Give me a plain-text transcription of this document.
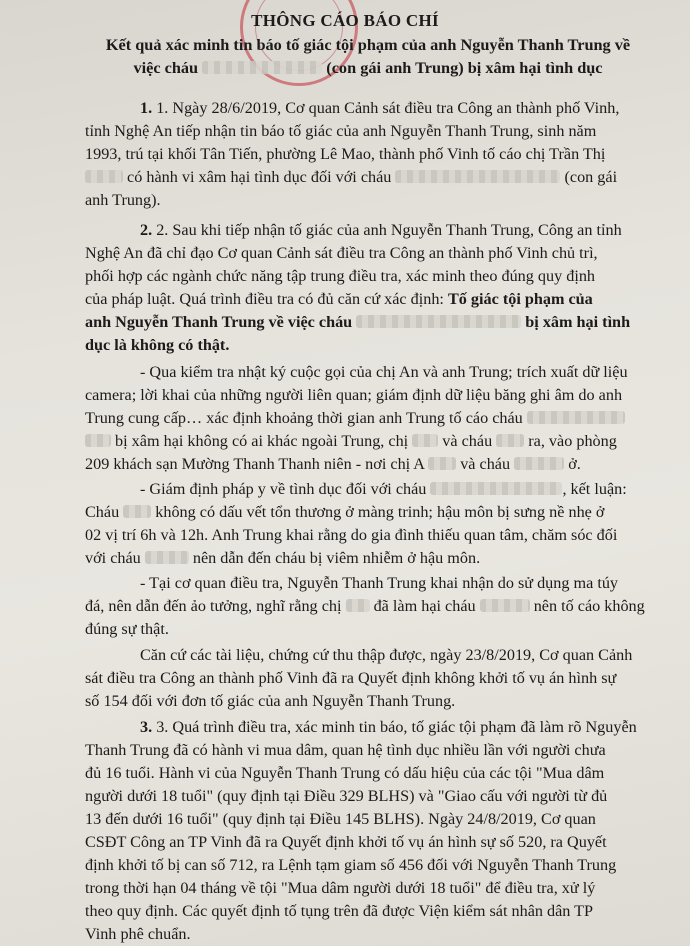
THÔNG CÁO BÁO CHÍ
Kết quả xác minh tin báo tố giác tội phạm của anh Nguyễn Thanh Trung về
việc cháu	(con gái anh Trung) bị xâm hại tình dục
1. 1. Ngày 28/6/2019, Cơ quan Cảnh sát điều tra Công an thành phố Vinh,
tỉnh Nghệ An tiếp nhận tin báo tố giác của anh Nguyễn Thanh Trung, sinh năm
1993, trú tại khối Tân Tiến, phường Lê Mao, thành phố Vinh tố cáo chị Trần Thị
có hành vi xâm hại tình dục đối với cháu	(con gái
anh Trung).
2. 2. Sau khi tiếp nhận tố giác của anh Nguyễn Thanh Trung, Công an tỉnh
Nghệ An đã chỉ đạo Cơ quan Cảnh sát điều tra Công an thành phố Vinh chủ trì,
phối hợp các ngành chức năng tập trung điều tra, xác minh theo đúng quy định
của pháp luật. Quá trình điều tra có đủ căn cứ xác định: Tố giác tội phạm của
anh Nguyễn Thanh Trung về việc cháu	bị xâm hại tình
dục là không có thật.
- Qua kiểm tra nhật ký cuộc gọi của chị An và anh Trung; trích xuất dữ liệu
camera; lời khai của những người liên quan; giám định dữ liệu băng ghi âm do anh
Trung cung cấp… xác định khoảng thời gian anh Trung tố cáo cháu
bị xâm hại không có ai khác ngoài Trung, chị và cháu ra, vào phòng
209 khách sạn Mường Thanh Thanh niên - nơi chị A và cháu	ở.
- Giám định pháp y về tình dục đối với cháu	, kết luận:
Cháu không có dấu vết tổn thương ở màng trinh; hậu môn bị sưng nề nhẹ ở
02 vị trí 6h và 12h. Anh Trung khai rằng do gia đình thiếu quan tâm, chăm sóc đối
với cháu	nên dẫn đến cháu bị viêm nhiễm ở hậu môn.
- Tại cơ quan điều tra, Nguyễn Thanh Trung khai nhận do sử dụng ma túy
đá, nên dẫn đến ảo tưởng, nghĩ rằng chị đã làm hại cháu	nên tố cáo không
đúng sự thật.
Căn cứ các tài liệu, chứng cứ thu thập được, ngày 23/8/2019, Cơ quan Cảnh
sát điều tra Công an thành phố Vinh đã ra Quyết định không khởi tố vụ án hình sự
số 154 đối với đơn tố giác của anh Nguyễn Thanh Trung.
3. 3. Quá trình điều tra, xác minh tin báo, tố giác tội phạm đã làm rõ Nguyễn
Thanh Trung đã có hành vi mua dâm, quan hệ tình dục nhiều lần với người chưa
đủ 16 tuổi. Hành vi của Nguyễn Thanh Trung có dấu hiệu của các tội "Mua dâm
người dưới 18 tuổi" (quy định tại Điều 329 BLHS) và "Giao cấu với người từ đủ
13 đến dưới 16 tuổi" (quy định tại Điều 145 BLHS). Ngày 24/8/2019, Cơ quan
CSĐT Công an TP Vinh đã ra Quyết định khởi tố vụ án hình sự số 520, ra Quyết
định khởi tố bị can số 712, ra Lệnh tạm giam số 456 đối với Nguyễn Thanh Trung
trong thời hạn 04 tháng về tội "Mua dâm người dưới 18 tuổi" để điều tra, xử lý
theo quy định. Các quyết định tố tụng trên đã được Viện kiểm sát nhân dân TP
Vinh phê chuẩn.
